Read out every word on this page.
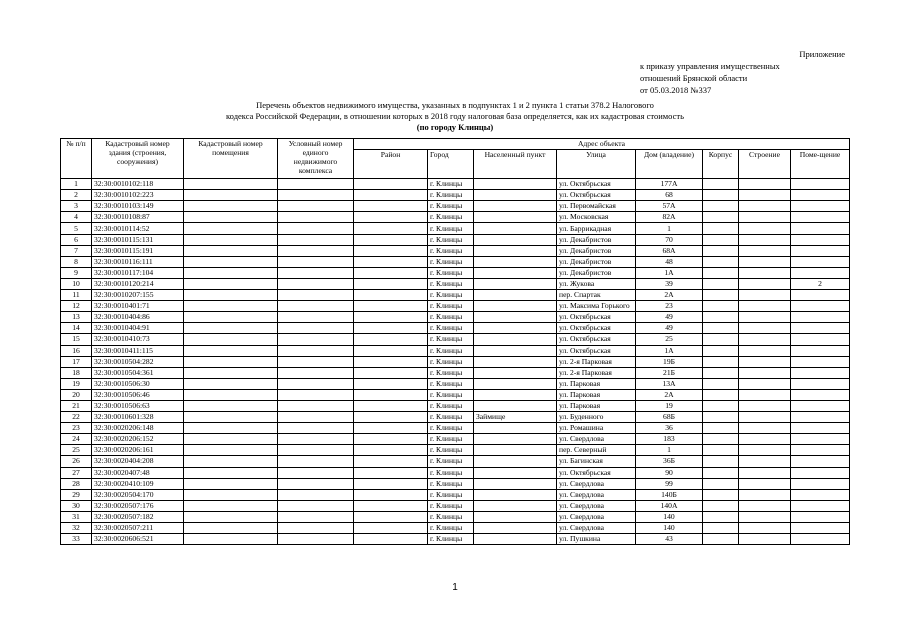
Приложение
к приказу управления имущественных
отношений Брянской области
от 05.03.2018 №337
Перечень объектов недвижимого имущества, указанных в подпунктах 1 и 2 пункта 1 статьи 378.2 Налогового
кодекса Российской Федерации, в отношении которых в 2018 году налоговая база определяется, как их кадастровая стоимость
(по городу Клинцы)
№ п/п	Кадастровый номер здания (строения, сооружения)	Кадастровый номер помещения	Условный номер единого недвижимого комплекса	Адрес объекта							
				Район	Город	Населенный пункт	Улица	Дом (владение)	Корпус	Строение	Поме-щение
1	32:30:0010102:118				г. Клинцы		ул. Октябрьская	177А			
2	32:30:0010102:223				г. Клинцы		ул. Октябрьская	68			
3	32:30:0010103:149				г. Клинцы		ул. Первомайская	57А			
4	32:30:0010108:87				г. Клинцы		ул. Московская	82А			
5	32:30:0010114:52				г. Клинцы		ул. Баррикадная	1			
6	32:30:0010115:131				г. Клинцы		ул. Декабристов	70			
7	32:30:0010115:191				г. Клинцы		ул. Декабристов	68А			
8	32:30:0010116:111				г. Клинцы		ул. Декабристов	48			
9	32:30:0010117:104				г. Клинцы		ул. Декабристов	1А			
10	32:30:0010120:214				г. Клинцы		ул. Жукова	39			2
11	32:30:0010207:155				г. Клинцы		пер. Спартак	2А			
12	32:30:0010401:71				г. Клинцы		ул. Максима Горького	23			
13	32:30:0010404:86				г. Клинцы		ул. Октябрьская	49			
14	32:30:0010404:91				г. Клинцы		ул. Октябрьская	49			
15	32:30:0010410:73				г. Клинцы		ул. Октябрьская	25			
16	32:30:0010411:115				г. Клинцы		ул. Октябрьская	1А			
17	32:30:0010504:282				г. Клинцы		ул. 2-я Парковая	19Б			
18	32:30:0010504:361				г. Клинцы		ул. 2-я Парковая	21Б			
19	32:30:0010506:30				г. Клинцы		ул. Парковая	13А			
20	32:30:0010506:46				г. Клинцы		ул. Парковая	2А			
21	32:30:0010506:63				г. Клинцы		ул. Парковая	19			
22	32:30:0010601:328				г. Клинцы	Займище	ул. Буденного	68Б			
23	32:30:0020206:148				г. Клинцы		ул. Ромашина	36			
24	32:30:0020206:152				г. Клинцы		ул. Свердлова	183			
25	32:30:0020206:161				г. Клинцы		пер. Северный	1			
26	32:30:0020404:208				г. Клинцы		ул. Багинская	36Б			
27	32:30:0020407:48				г. Клинцы		ул. Октябрьская	90			
28	32:30:0020410:109				г. Клинцы		ул. Свердлова	99			
29	32:30:0020504:170				г. Клинцы		ул. Свердлова	140Б			
30	32:30:0020507:176				г. Клинцы		ул. Свердлова	140А			
31	32:30:0020507:182				г. Клинцы		ул. Свердлова	140			
32	32:30:0020507:211				г. Клинцы		ул. Свердлова	140			
33	32:30:0020606:521				г. Клинцы		ул. Пушкина	43			
1
